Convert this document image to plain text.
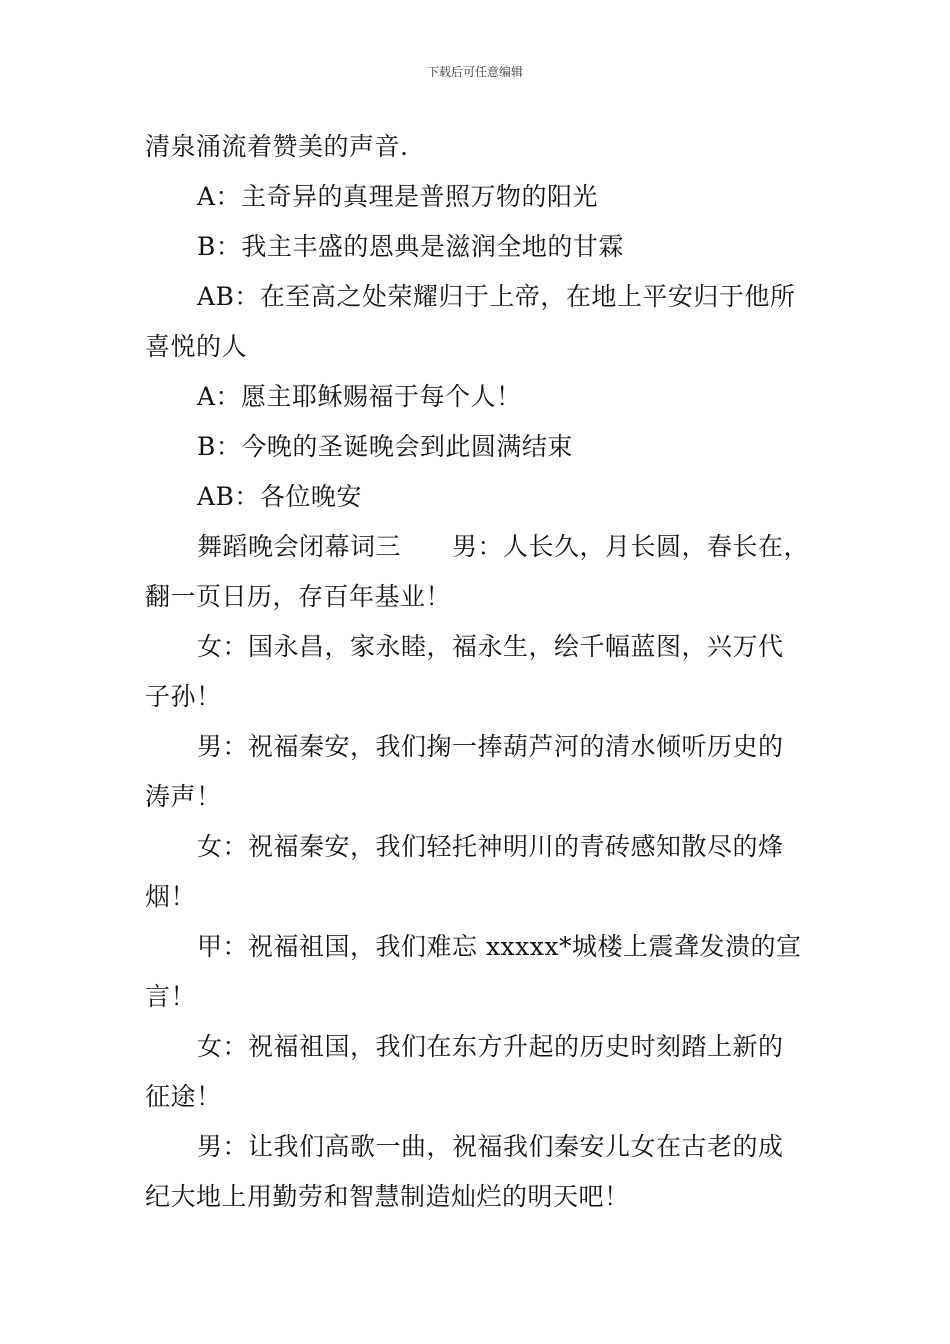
下载后可任意编辑
清泉涌流着赞美的声音.
A：主奇异的真理是普照万物的阳光
B：我主丰盛的恩典是滋润全地的甘霖
AB：在至高之处荣耀归于上帝，在地上平安归于他所
喜悦的人
A：愿主耶稣赐福于每个人！
B：今晚的圣诞晚会到此圆满结束
AB：各位晚安
舞蹈晚会闭幕词三　　男：人长久，月长圆，春长在，
翻一页日历，存百年基业！
女：国永昌，家永睦，福永生，绘千幅蓝图，兴万代
子孙！
男：祝福秦安，我们掬一捧葫芦河的清水倾听历史的
涛声！
女：祝福秦安，我们轻托神明川的青砖感知散尽的烽
烟！
甲：祝福祖国，我们难忘 xxxxx*城楼上震聋发溃的宣
言！
女：祝福祖国，我们在东方升起的历史时刻踏上新的
征途！
男：让我们高歌一曲，祝福我们秦安儿女在古老的成
纪大地上用勤劳和智慧制造灿烂的明天吧！
